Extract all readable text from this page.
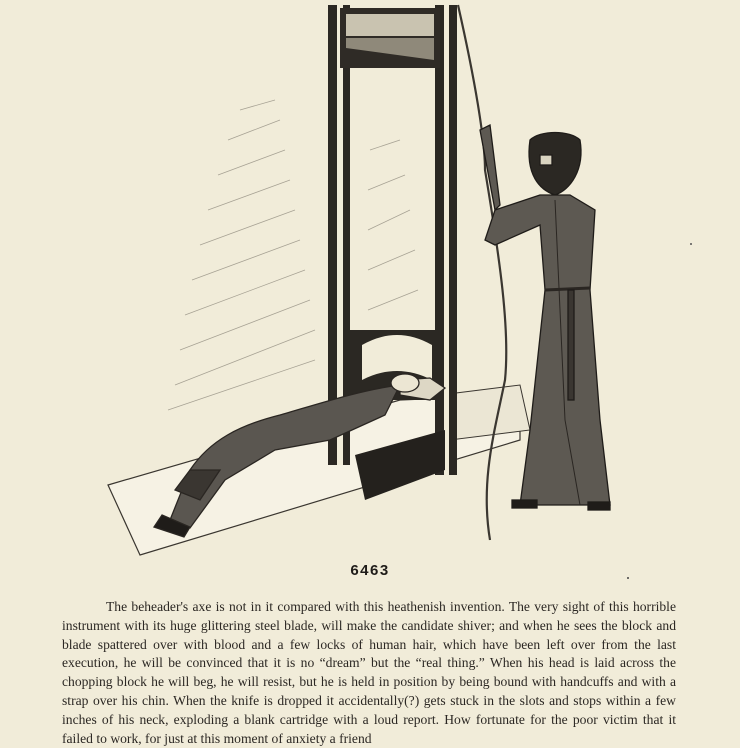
6463

The beheader's axe is not in it compared with this heathenish invention. The very sight of this horrible instrument with its huge glittering steel blade, will make the candidate shiver; and when he sees the block and blade spattered over with blood and a few locks of human hair, which have been left over from the last execution, he will be convinced that it is no “dream” but the “real thing.” When his head is laid across the chopping block he will beg, he will resist, but he is held in position by being bound with handcuffs and with a strap over his chin. When the knife is dropped it accidentally(?) gets stuck in the slots and stops within a few inches of his neck, exploding a blank cartridge with a loud report. How fortunate for the poor victim that it failed to work, for just at this moment of anxiety a friend
